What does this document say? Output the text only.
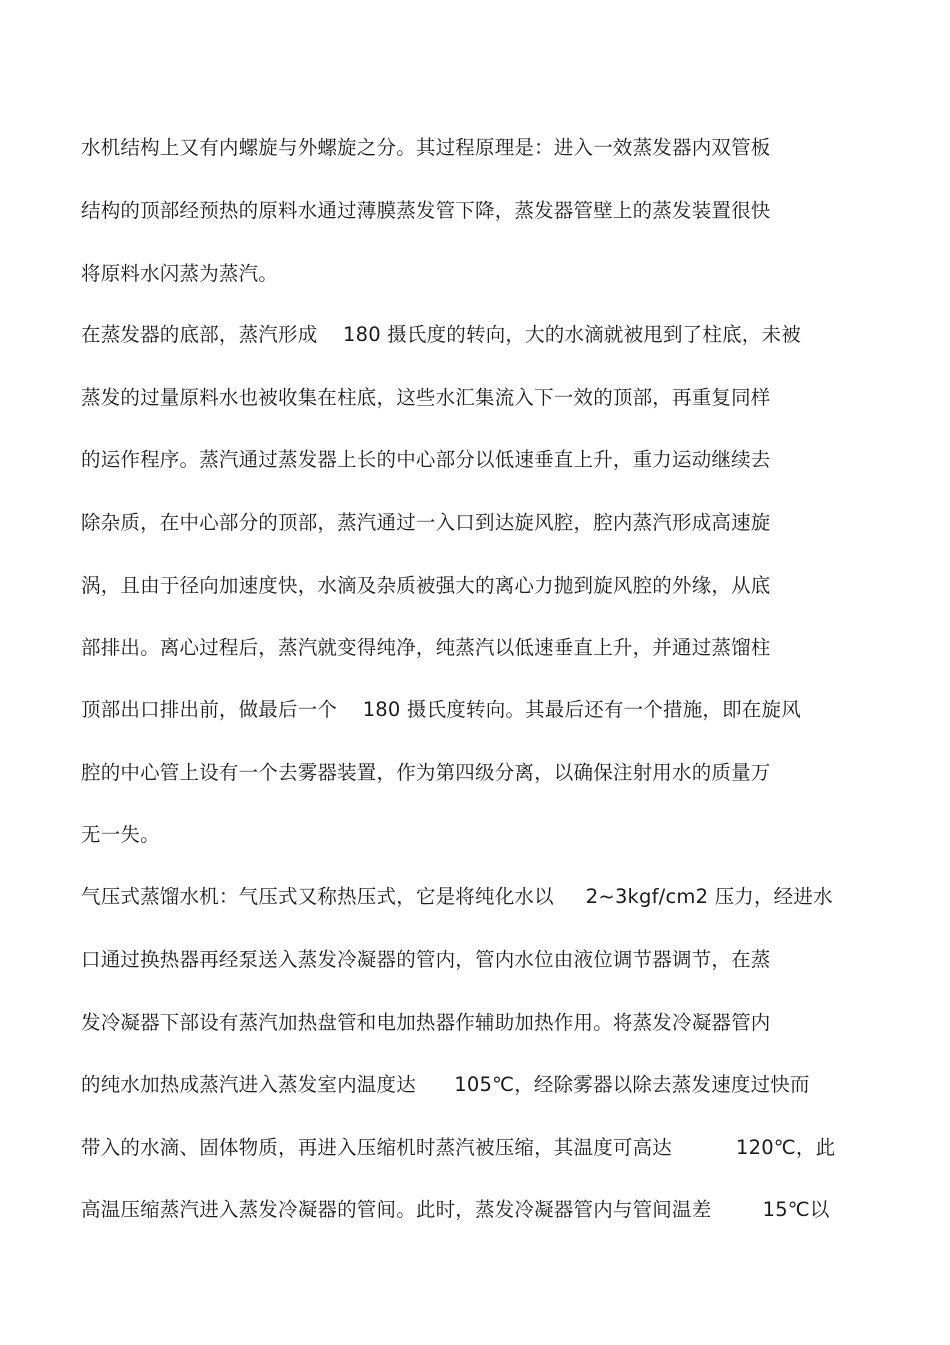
水机结构上又有内螺旋与外螺旋之分。其过程原理是：进入一效蒸发器内双管板
结构的顶部经预热的原料水通过薄膜蒸发管下降，蒸发器管壁上的蒸发装置很快
将原料水闪蒸为蒸汽。
在蒸发器的底部，蒸汽形成    180 摄氏度的转向，大的水滴就被甩到了柱底，未被
蒸发的过量原料水也被收集在柱底，这些水汇集流入下一效的顶部，再重复同样
的运作程序。蒸汽通过蒸发器上长的中心部分以低速垂直上升，重力运动继续去
除杂质，在中心部分的顶部，蒸汽通过一入口到达旋风腔，腔内蒸汽形成高速旋
涡，且由于径向加速度快，水滴及杂质被强大的离心力抛到旋风腔的外缘，从底
部排出。离心过程后，蒸汽就变得纯净，纯蒸汽以低速垂直上升，并通过蒸馏柱
顶部出口排出前，做最后一个    180 摄氏度转向。其最后还有一个措施，即在旋风
腔的中心管上设有一个去雾器装置，作为第四级分离，以确保注射用水的质量万
无一失。
气压式蒸馏水机：气压式又称热压式，它是将纯化水以     2~3kgf/cm2 压力，经进水
口通过换热器再经泵送入蒸发冷凝器的管内，管内水位由液位调节器调节，在蒸
发冷凝器下部设有蒸汽加热盘管和电加热器作辅助加热作用。将蒸发冷凝器管内
的纯水加热成蒸汽进入蒸发室内温度达      105℃，经除雾器以除去蒸发速度过快而
带入的水滴、固体物质，再进入压缩机时蒸汽被压缩，其温度可高达          120℃，此
高温压缩蒸汽进入蒸发冷凝器的管间。此时，蒸发冷凝器管内与管间温差        15℃以
